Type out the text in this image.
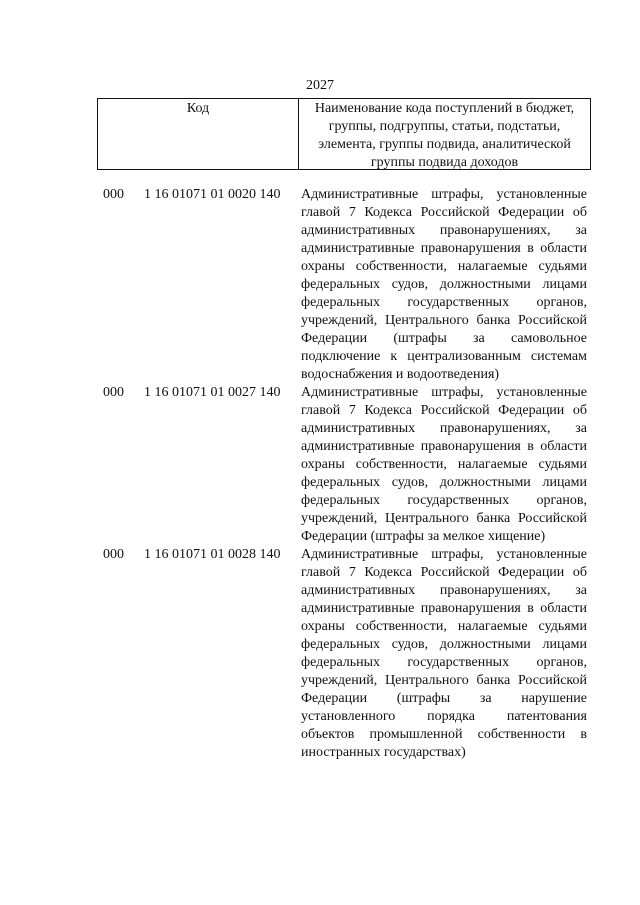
2027
Код	Наименование кода поступлений в бюджет, группы, подгруппы, статьи, подстатьи, элемента, группы подвида, аналитической группы подвида доходов
000 1 16 01071 01 0020 140 Административные штрафы, установленные главой 7 Кодекса Российской Федерации об административных правонарушениях, за административные правонарушения в области охраны собственности, налагаемые судьями федеральных судов, должностными лицами федеральных государственных органов, учреждений, Центрального банка Российской Федерации (штрафы за самовольное подключение к централизованным системам водоснабжения и водоотведения)
000 1 16 01071 01 0027 140 Административные штрафы, установленные главой 7 Кодекса Российской Федерации об административных правонарушениях, за административные правонарушения в области охраны собственности, налагаемые судьями федеральных судов, должностными лицами федеральных государственных органов, учреждений, Центрального банка Российской Федерации (штрафы за мелкое хищение)
000 1 16 01071 01 0028 140 Административные штрафы, установленные главой 7 Кодекса Российской Федерации об административных правонарушениях, за административные правонарушения в области охраны собственности, налагаемые судьями федеральных судов, должностными лицами федеральных государственных органов, учреждений, Центрального банка Российской Федерации (штрафы за нарушение установленного порядка патентования объектов промышленной собственности в иностранных государствах)
